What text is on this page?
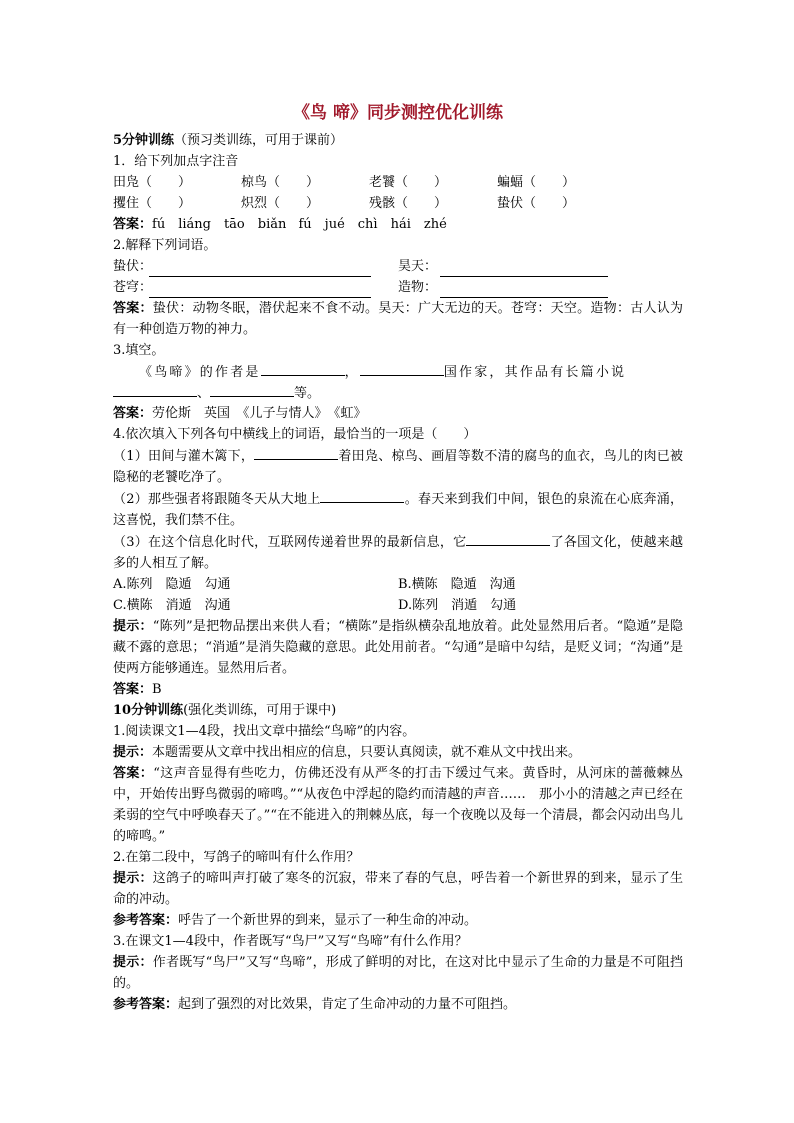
《鸟 啼》同步测控优化训练
5分钟训练（预习类训练，可用于课前）
1．给下列加点字注音
田凫（　　）	椋鸟（　　）	老饕（　　）	蝙蝠（　　）
攫住（　　）	炽烈（　　）	残骸（　　）	蛰伏（　　）
答案：fú　liáng　tāo　biǎn fú　jué　chì　hái　zhé
2.解释下列词语。
蛰伏：	昊天：
苍穹：	造物：
答案：蛰伏：动物冬眠，潜伏起来不食不动。昊天：广大无边的天。苍穹：天空。造物：古人认为有一种创造万物的神力。
3.填空。
《鸟啼》的作者是	，	国作家，其作品有长篇小说
、	等。
答案：劳伦斯　英国　《儿子与情人》　《虹》
4.依次填入下列各句中横线上的词语，最恰当的一项是（　　）
（1）田间与灌木篱下，	着田凫、椋鸟、画眉等数不清的腐鸟的血衣，鸟儿的肉已被隐秘的老饕吃净了。
（2）那些强者将跟随冬天从大地上	。春天来到我们中间，银色的泉流在心底奔涌，这喜悦，我们禁不住。
（3）在这个信息化时代，互联网传递着世界的最新信息，它	了各国文化，使越来越多的人相互了解。
A.陈列　隐遁　勾通	B.横陈　隐遁　沟通
C.横陈　消遁　沟通	D.陈列　消遁　勾通
提示：“陈列”是把物品摆出来供人看；“横陈”是指纵横杂乱地放着。此处显然用后者。“隐遁”是隐藏不露的意思；“消遁”是消失隐藏的意思。此处用前者。“勾通”是暗中勾结，是贬义词；“沟通”是使两方能够通连。显然用后者。
答案：B
10分钟训练(强化类训练，可用于课中)
1.阅读课文1—4段，找出文章中描绘“鸟啼”的内容。
提示：本题需要从文章中找出相应的信息，只要认真阅读，就不难从文中找出来。
答案：“这声音显得有些吃力，仿佛还没有从严冬的打击下缓过气来。黄昏时，从河床的蔷薇棘丛中，开始传出野鸟微弱的啼鸣。”“从夜色中浮起的隐约而清越的声音……　那小小的清越之声已经在柔弱的空气中呼唤春天了。”“在不能进入的荆棘丛底，每一个夜晚以及每一个清晨，都会闪动出鸟儿的啼鸣。”
2.在第二段中，写鸽子的啼叫有什么作用？
提示：这鸽子的啼叫声打破了寒冬的沉寂，带来了春的气息，呼告着一个新世界的到来，显示了生命的冲动。
参考答案：呼告了一个新世界的到来，显示了一种生命的冲动。
3.在课文1—4段中，作者既写“鸟尸”又写“鸟啼”有什么作用？
提示：作者既写“鸟尸”又写“鸟啼”，形成了鲜明的对比，在这对比中显示了生命的力量是不可阻挡的。
参考答案：起到了强烈的对比效果，肯定了生命冲动的力量不可阻挡。
